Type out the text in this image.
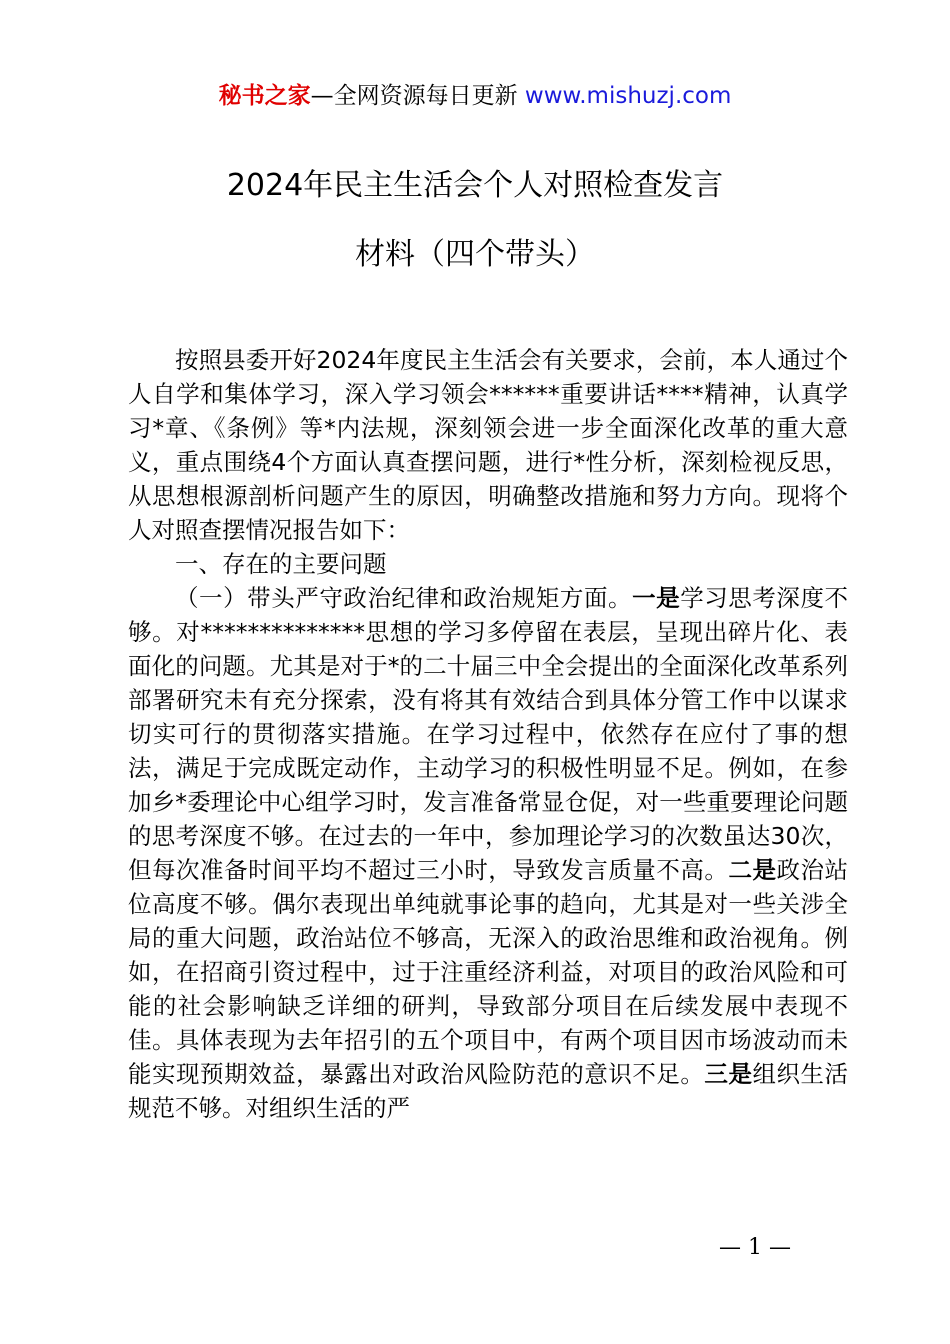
秘书之家—全网资源每日更新 www.mishuzj.com
2024年民主生活会个人对照检查发言
材料（四个带头）

按照县委开好2024年度民主生活会有关要求，会前，本人通过个人自学和集体学习，深入学习领会******重要讲话****精神，认真学习*章、《条例》等*内法规，深刻领会进一步全面深化改革的重大意义，重点围绕4个方面认真查摆问题，进行*性分析，深刻检视反思，从思想根源剖析问题产生的原因，明确整改措施和努力方向。现将个人对照查摆情况报告如下：

一、存在的主要问题

（一）带头严守政治纪律和政治规矩方面。一是学习思考深度不够。对**************思想的学习多停留在表层，呈现出碎片化、表面化的问题。尤其是对于*的二十届三中全会提出的全面深化改革系列部署研究未有充分探索，没有将其有效结合到具体分管工作中以谋求切实可行的贯彻落实措施。在学习过程中，依然存在应付了事的想法，满足于完成既定动作，主动学习的积极性明显不足。例如，在参加乡*委理论中心组学习时，发言准备常显仓促，对一些重要理论问题的思考深度不够。在过去的一年中，参加理论学习的次数虽达30次，但每次准备时间平均不超过三小时，导致发言质量不高。二是政治站位高度不够。偶尔表现出单纯就事论事的趋向，尤其是对一些关涉全局的重大问题，政治站位不够高，无深入的政治思维和政治视角。例如，在招商引资过程中，过于注重经济利益，对项目的政治风险和可能的社会影响缺乏详细的研判，导致部分项目在后续发展中表现不佳。具体表现为去年招引的五个项目中，有两个项目因市场波动而未能实现预期效益，暴露出对政治风险防范的意识不足。三是组织生活规范不够。对组织生活的严

— 1 —
